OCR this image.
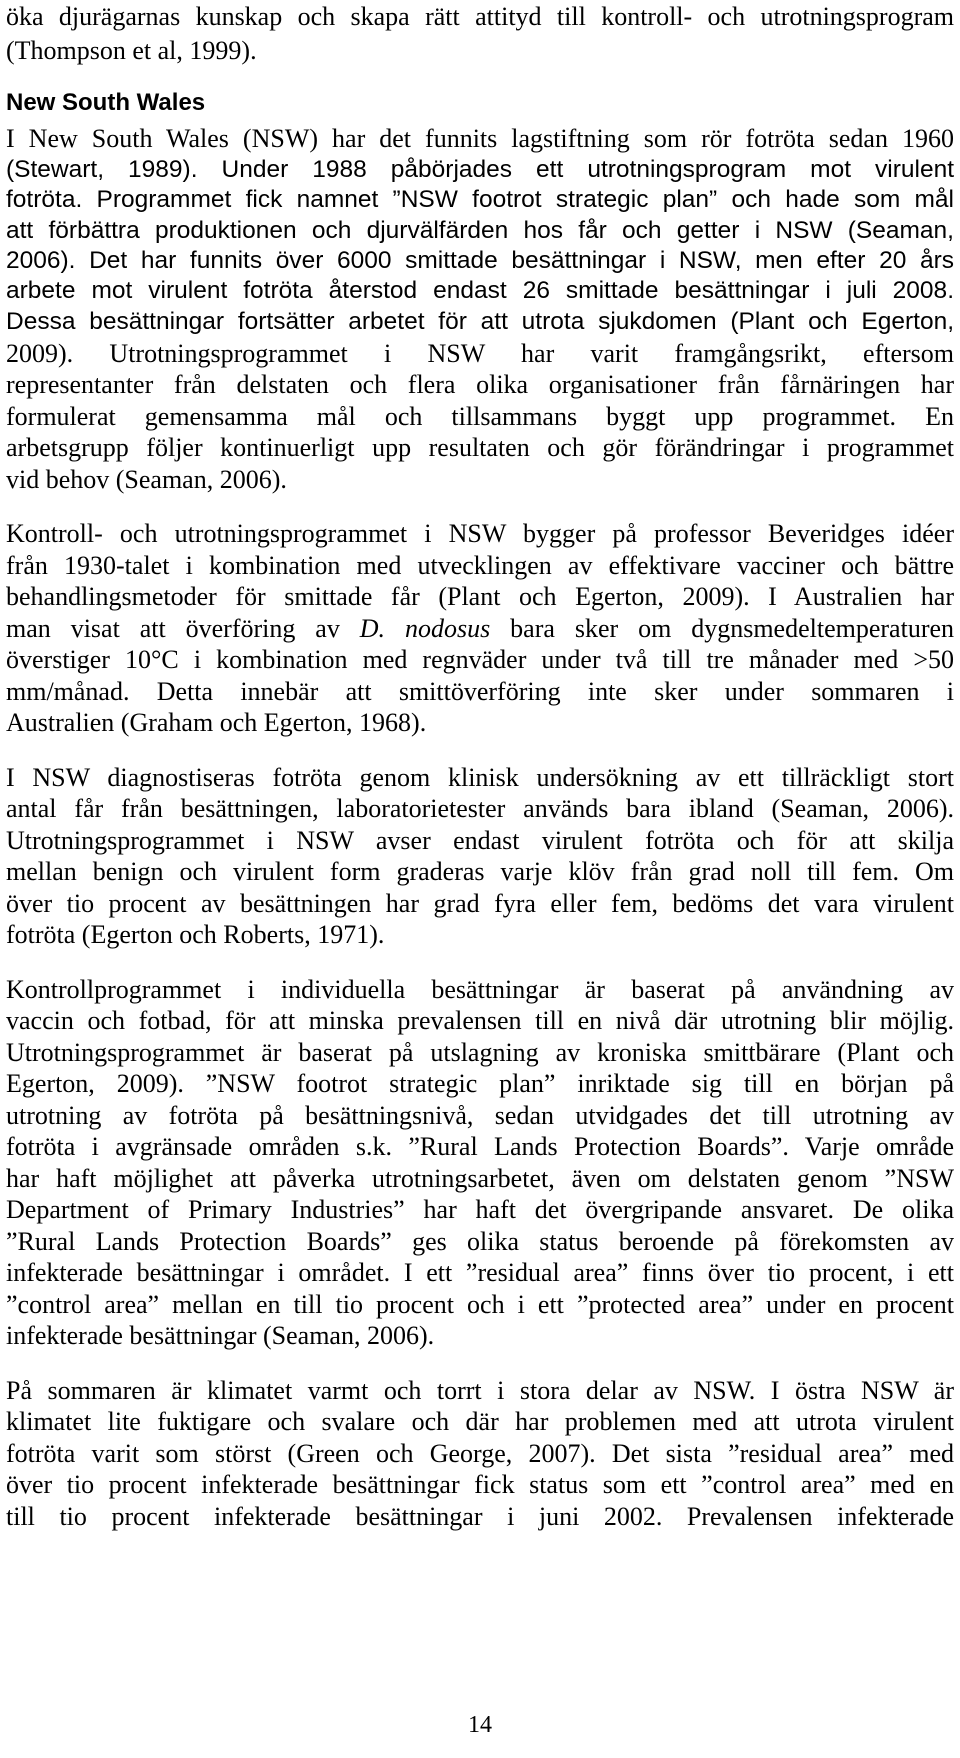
öka djurägarnas kunskap och skapa rätt attityd till kontroll- och utrotningsprogram
(Thompson et al, 1999).
New South Wales
I New South Wales (NSW) har det funnits lagstiftning som rör fotröta sedan 1960
(Stewart, 1989). Under 1988 påbörjades ett utrotningsprogram mot virulent
fotröta. Programmet fick namnet ”NSW footrot strategic plan” och hade som mål
att förbättra produktionen och djurvälfärden hos får och getter i NSW (Seaman,
2006). Det har funnits över 6000 smittade besättningar i NSW, men efter 20 års
arbete mot virulent fotröta återstod endast 26 smittade besättningar i juli 2008.
Dessa besättningar fortsätter arbetet för att utrota sjukdomen (Plant och Egerton,
2009). Utrotningsprogrammet i NSW har varit framgångsrikt, eftersom
representanter från delstaten och flera olika organisationer från fårnäringen har
formulerat gemensamma mål och tillsammans byggt upp programmet. En
arbetsgrupp följer kontinuerligt upp resultaten och gör förändringar i programmet
vid behov (Seaman, 2006).
Kontroll- och utrotningsprogrammet i NSW bygger på professor Beveridges idéer
från 1930-talet i kombination med utvecklingen av effektivare vacciner och bättre
behandlingsmetoder för smittade får (Plant och Egerton, 2009). I Australien har
man visat att överföring av D. nodosus bara sker om dygnsmedeltemperaturen
överstiger 10°C i kombination med regnväder under två till tre månader med >50
mm/månad. Detta innebär att smittöverföring inte sker under sommaren i
Australien (Graham och Egerton, 1968).
I NSW diagnostiseras fotröta genom klinisk undersökning av ett tillräckligt stort
antal får från besättningen, laboratorietester används bara ibland (Seaman, 2006).
Utrotningsprogrammet i NSW avser endast virulent fotröta och för att skilja
mellan benign och virulent form graderas varje klöv från grad noll till fem. Om
över tio procent av besättningen har grad fyra eller fem, bedöms det vara virulent
fotröta (Egerton och Roberts, 1971).
Kontrollprogrammet i individuella besättningar är baserat på användning av
vaccin och fotbad, för att minska prevalensen till en nivå där utrotning blir möjlig.
Utrotningsprogrammet är baserat på utslagning av kroniska smittbärare (Plant och
Egerton, 2009). ”NSW footrot strategic plan” inriktade sig till en början på
utrotning av fotröta på besättningsnivå, sedan utvidgades det till utrotning av
fotröta i avgränsade områden s.k. ”Rural Lands Protection Boards”. Varje område
har haft möjlighet att påverka utrotningsarbetet, även om delstaten genom ”NSW
Department of Primary Industries” har haft det övergripande ansvaret. De olika
”Rural Lands Protection Boards” ges olika status beroende på förekomsten av
infekterade besättningar i området. I ett ”residual area” finns över tio procent, i ett
”control area” mellan en till tio procent och i ett ”protected area” under en procent
infekterade besättningar (Seaman, 2006).
På sommaren är klimatet varmt och torrt i stora delar av NSW. I östra NSW är
klimatet lite fuktigare och svalare och där har problemen med att utrota virulent
fotröta varit som störst (Green och George, 2007). Det sista ”residual area” med
över tio procent infekterade besättningar fick status som ett ”control area” med en
till tio procent infekterade besättningar i juni 2002. Prevalensen infekterade
14
